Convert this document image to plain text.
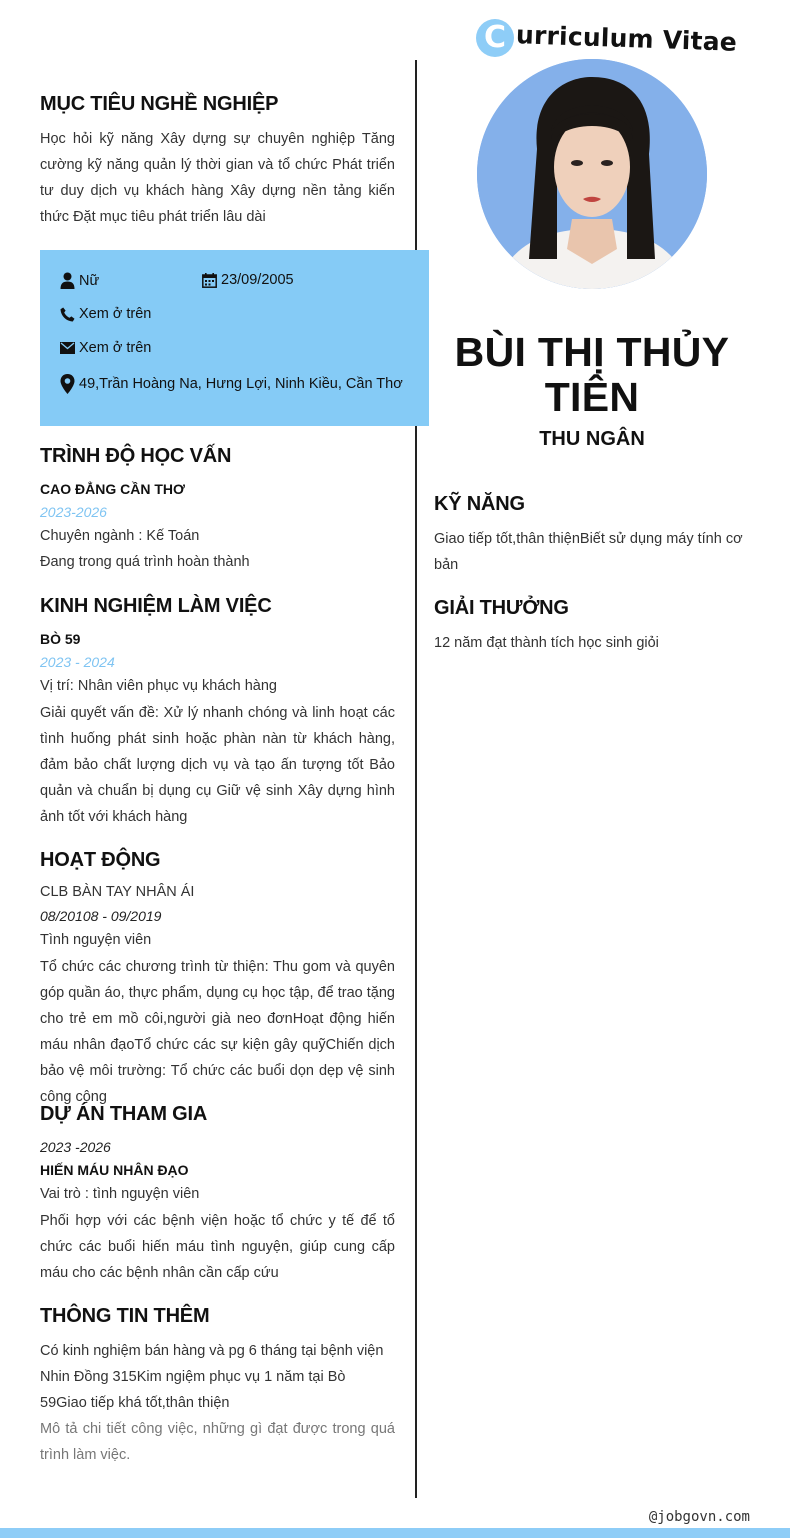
C urriculum Vitae
MỤC TIÊU NGHỀ NGHIỆP
Học hỏi kỹ năng Xây dựng sự chuyên nghiệp Tăng cường kỹ năng quản lý thời gian và tổ chức Phát triển tư duy dịch vụ khách hàng Xây dựng nền tảng kiến thức Đặt mục tiêu phát triển lâu dài
Nữ	23/09/2005
Xem ở trên
Xem ở trên
49,Trần Hoàng Na, Hưng Lợi, Ninh Kiều, Cần Thơ
TRÌNH ĐỘ HỌC VẤN
CAO ĐẲNG CẦN THƠ
2023-2026
Chuyên ngành : Kế Toán
Đang trong quá trình hoàn thành
KINH NGHIỆM LÀM VIỆC
BÒ 59
2023 - 2024
Vị trí: Nhân viên phục vụ khách hàng
Giải quyết vấn đề: Xử lý nhanh chóng và linh hoạt các tình huống phát sinh hoặc phàn nàn từ khách hàng, đảm bảo chất lượng dịch vụ và tạo ấn tượng tốt Bảo quản và chuẩn bị dụng cụ Giữ vệ sinh Xây dựng hình ảnh tốt với khách hàng
HOẠT ĐỘNG
CLB BÀN TAY NHÂN ÁI
08/20108 - 09/2019
Tình nguyện viên
Tổ chức các chương trình từ thiện: Thu gom và quyên góp quần áo, thực phẩm, dụng cụ học tập, để trao tặng cho trẻ em mồ côi,người già neo đơnHoạt động hiến máu nhân đạoTổ chức các sự kiện gây quỹChiến dịch bảo vệ môi trường: Tổ chức các buổi dọn dẹp vệ sinh công cộng
DỰ ÁN THAM GIA
2023 -2026
HIẾN MÁU NHÂN ĐẠO
Vai trò : tình nguyện viên
Phối hợp với các bệnh viện hoặc tổ chức y tế để tổ chức các buổi hiến máu tình nguyện, giúp cung cấp máu cho các bệnh nhân cần cấp cứu
THÔNG TIN THÊM
Có kinh nghiệm bán hàng và pg 6 tháng tại bệnh viện Nhin Đồng 315Kim ngiệm phục vụ 1 năm tại Bò 59Giao tiếp khá tốt,thân thiện
Mô tả chi tiết công việc, những gì đạt được trong quá trình làm việc.
BÙI THỊ THỦY
TIÊN
THU NGÂN
KỸ NĂNG
Giao tiếp tốt,thân thiệnBiết sử dụng máy tính cơ bản
GIẢI THƯỞNG
12 năm đạt thành tích học sinh giỏi
@jobgovn.com
